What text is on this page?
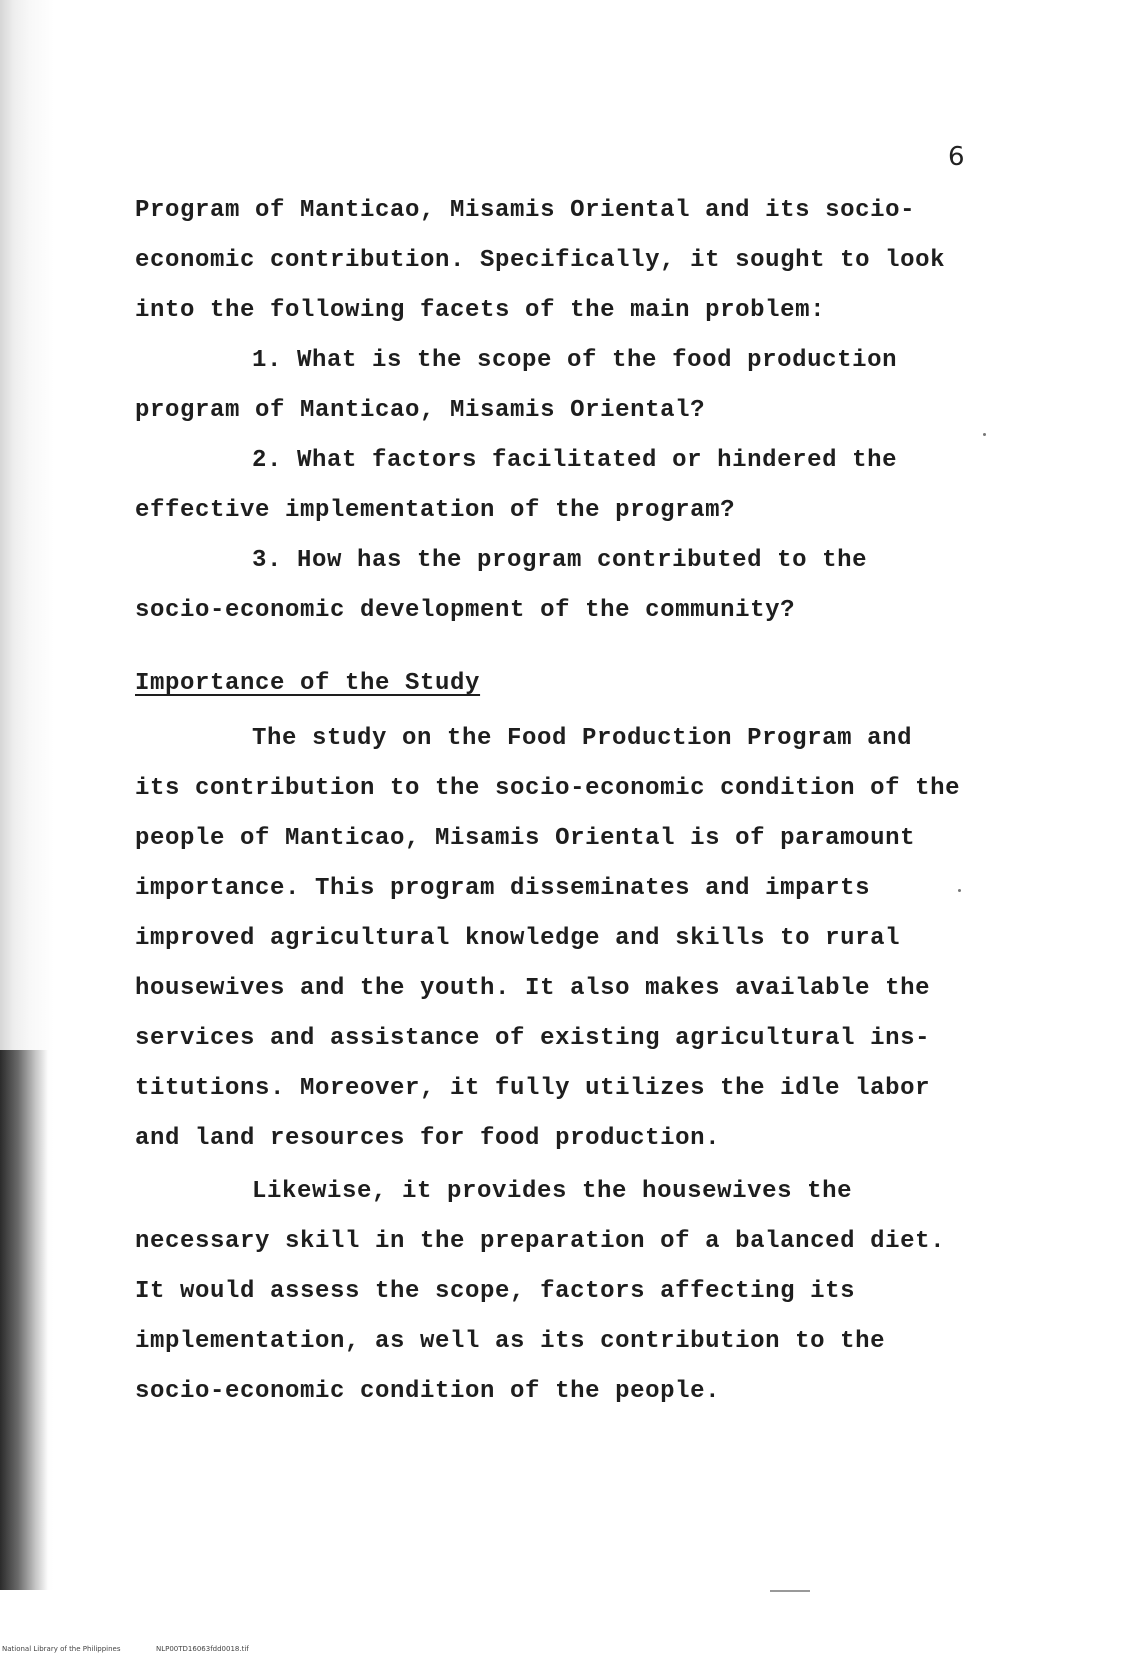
6
Program of Manticao, Misamis Oriental and its socio-
economic contribution. Specifically, it sought to look
into the following facets of the main problem:
1. What is the scope of the food production
program of Manticao, Misamis Oriental?
2. What factors facilitated or hindered the
effective implementation of the program?
3. How has the program contributed to the
socio-economic development of the community?
Importance of the Study
The study on the Food Production Program and
its contribution to the socio-economic condition of the
people of Manticao, Misamis Oriental is of paramount
importance. This program disseminates and imparts
improved agricultural knowledge and skills to rural
housewives and the youth. It also makes available the
services and assistance of existing agricultural ins-
titutions. Moreover, it fully utilizes the idle labor
and land resources for food production.
Likewise, it provides the housewives the
necessary skill in the preparation of a balanced diet.
It would assess the scope, factors affecting its
implementation, as well as its contribution to the
socio-economic condition of the people.
National Library of the Philippines	NLP00TD16063fdd0018.tif
